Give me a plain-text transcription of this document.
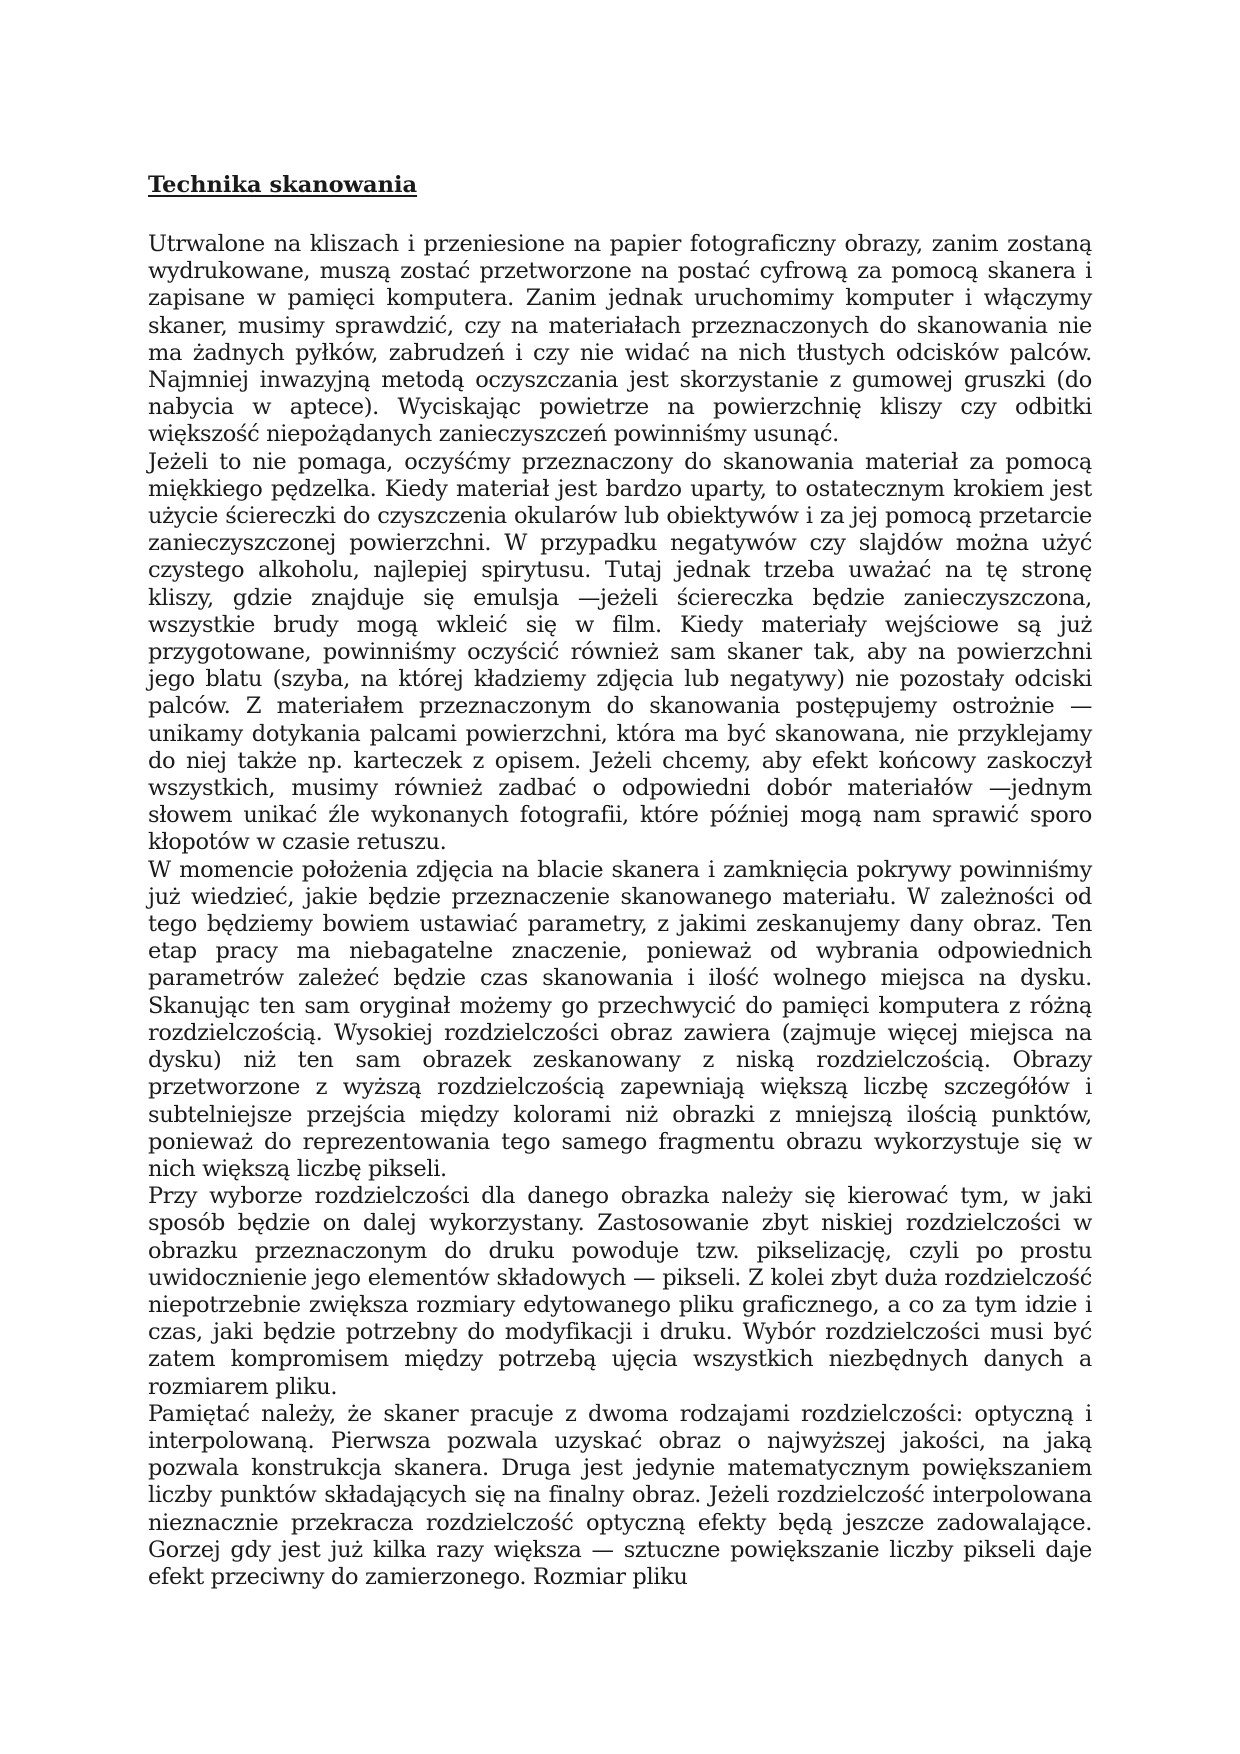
Technika skanowania

Utrwalone na kliszach i przeniesione na papier fotograficzny obrazy, zanim zostaną wydrukowane, muszą zostać przetworzone na postać cyfrową za pomocą skanera i zapisane w pamięci komputera. Zanim jednak uruchomimy komputer i włączymy skaner, musimy sprawdzić, czy na materiałach przeznaczonych do skanowania nie ma żadnych pyłków, zabrudzeń i czy nie widać na nich tłustych odcisków palców. Najmniej inwazyjną metodą oczyszczania jest skorzystanie z gumowej gruszki (do nabycia w aptece). Wyciskając powietrze na powierzchnię kliszy czy odbitki większość niepożądanych zanieczyszczeń powinniśmy usunąć.

Jeżeli to nie pomaga, oczyśćmy przeznaczony do skanowania materiał za pomocą miękkiego pędzelka. Kiedy materiał jest bardzo uparty, to ostatecznym krokiem jest użycie ściereczki do czyszczenia okularów lub obiektywów i za jej pomocą przetarcie zanieczyszczonej powierzchni. W przypadku negatywów czy slajdów można użyć czystego alkoholu, najlepiej spirytusu. Tutaj jednak trzeba uważać na tę stronę kliszy, gdzie znajduje się emulsja —jeżeli ściereczka będzie zanieczyszczona, wszystkie brudy mogą wkleić się w film. Kiedy materiały wejściowe są już przygotowane, powinniśmy oczyścić również sam skaner tak, aby na powierzchni jego blatu (szyba, na której kładziemy zdjęcia lub negatywy) nie pozostały odciski palców. Z materiałem przeznaczonym do skanowania postępujemy ostrożnie — unikamy dotykania palcami powierzchni, która ma być skanowana, nie przyklejamy do niej także np. karteczek z opisem. Jeżeli chcemy, aby efekt końcowy zaskoczył wszystkich, musimy również zadbać o odpowiedni dobór materiałów —jednym słowem unikać źle wykonanych fotografii, które później mogą nam sprawić sporo kłopotów w czasie retuszu.

W momencie położenia zdjęcia na blacie skanera i zamknięcia pokrywy powinniśmy już wiedzieć, jakie będzie przeznaczenie skanowanego materiału. W zależności od tego będziemy bowiem ustawiać parametry, z jakimi zeskanujemy dany obraz. Ten etap pracy ma niebagatelne znaczenie, ponieważ od wybrania odpowiednich parametrów zależeć będzie czas skanowania i ilość wolnego miejsca na dysku. Skanując ten sam oryginał możemy go przechwycić do pamięci komputera z różną rozdzielczością. Wysokiej rozdzielczości obraz zawiera (zajmuje więcej miejsca na dysku) niż ten sam obrazek zeskanowany z niską rozdzielczością. Obrazy przetworzone z wyższą rozdzielczością zapewniają większą liczbę szczegółów i subtelniejsze przejścia między kolorami niż obrazki z mniejszą ilością punktów, ponieważ do reprezentowania tego samego fragmentu obrazu wykorzystuje się w nich większą liczbę pikseli.

Przy wyborze rozdzielczości dla danego obrazka należy się kierować tym, w jaki sposób będzie on dalej wykorzystany. Zastosowanie zbyt niskiej rozdzielczości w obrazku przeznaczonym do druku powoduje tzw. pikselizację, czyli po prostu uwidocznienie jego elementów składowych — pikseli. Z kolei zbyt duża rozdzielczość niepotrzebnie zwiększa rozmiary edytowanego pliku graficznego, a co za tym idzie i czas, jaki będzie potrzebny do modyfikacji i druku. Wybór rozdzielczości musi być zatem kompromisem między potrzebą ujęcia wszystkich niezbędnych danych a rozmiarem pliku.

Pamiętać należy, że skaner pracuje z dwoma rodzajami rozdzielczości: optyczną i interpolowaną. Pierwsza pozwala uzyskać obraz o najwyższej jakości, na jaką pozwala konstrukcja skanera. Druga jest jedynie matematycznym powiększaniem liczby punktów składających się na finalny obraz. Jeżeli rozdzielczość interpolowana nieznacznie przekracza rozdzielczość optyczną efekty będą jeszcze zadowalające. Gorzej gdy jest już kilka razy większa — sztuczne powiększanie liczby pikseli daje efekt przeciwny do zamierzonego. Rozmiar pliku
